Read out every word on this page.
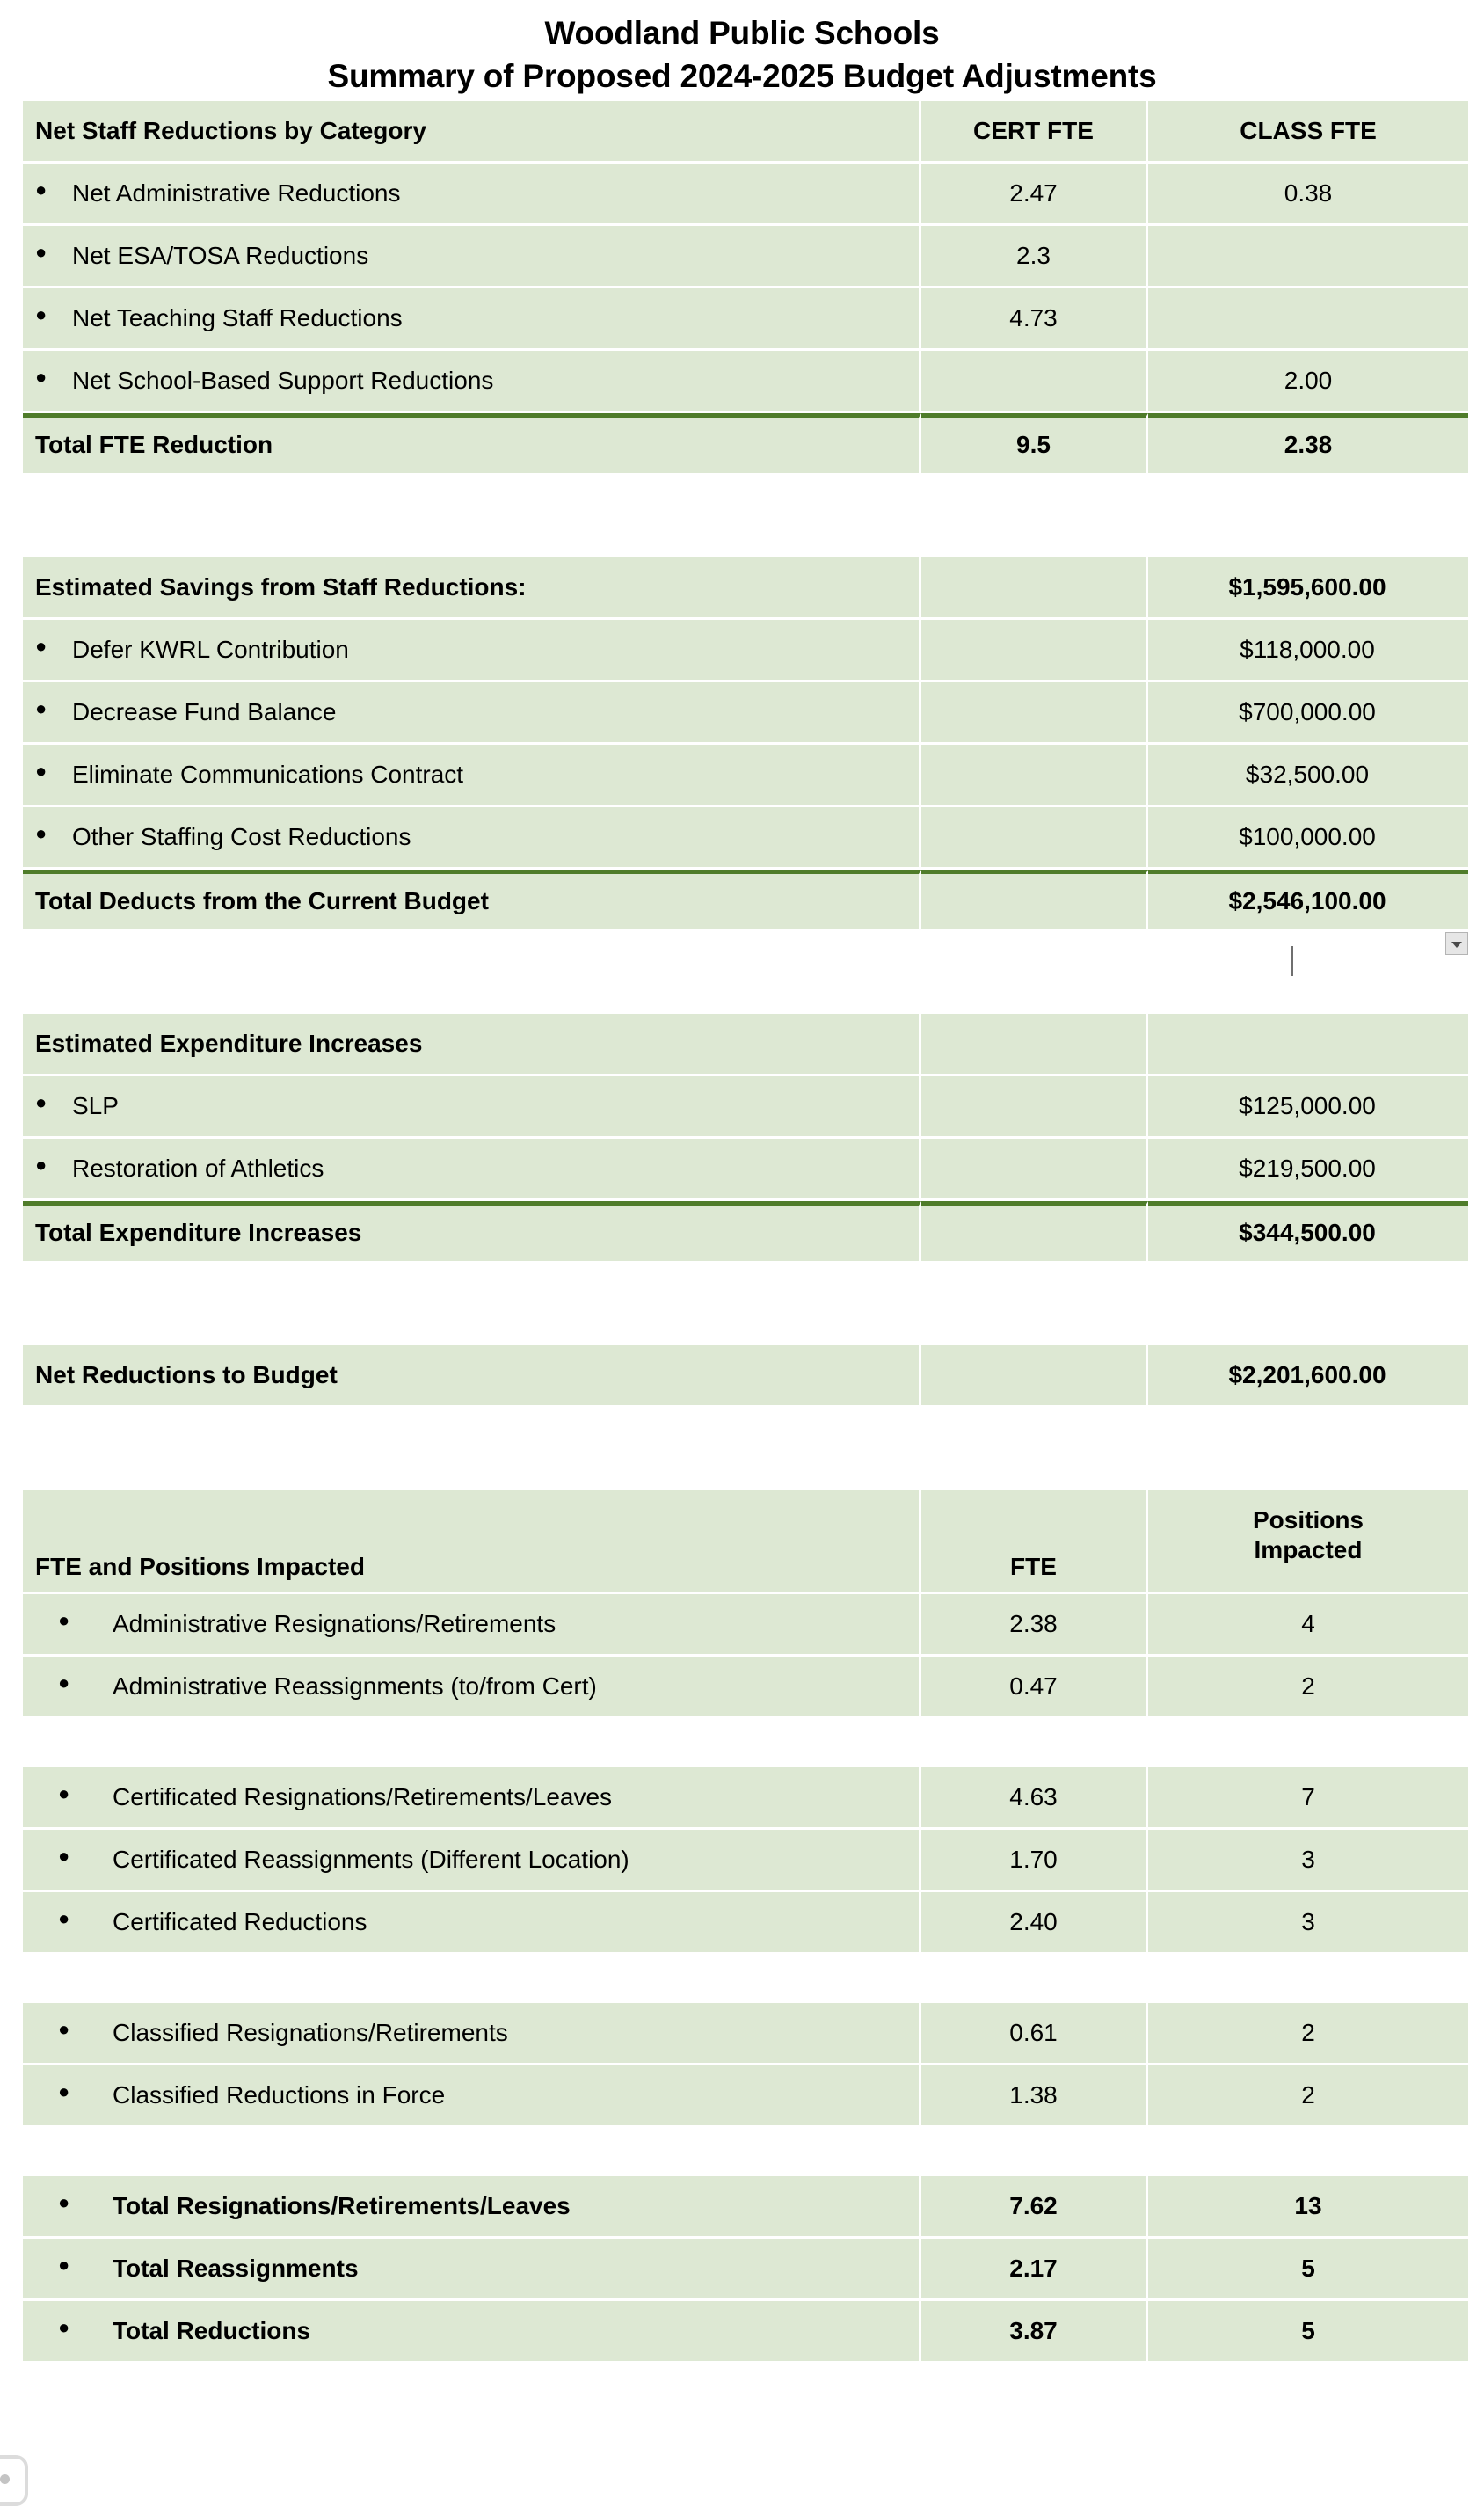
Woodland Public Schools
Summary of Proposed 2024-2025 Budget Adjustments
Net Staff Reductions by Category	CERT FTE	CLASS FTE
● Net Administrative Reductions	2.47	0.38
● Net ESA/TOSA Reductions	2.3	
● Net Teaching Staff Reductions	4.73	
● Net School-Based Support Reductions		2.00
Total FTE Reduction	9.5	2.38
Estimated Savings from Staff Reductions:		$1,595,600.00
● Defer KWRL Contribution		$118,000.00
● Decrease Fund Balance		$700,000.00
● Eliminate Communications Contract		$32,500.00
● Other Staffing Cost Reductions		$100,000.00
Total Deducts from the Current Budget		$2,546,100.00
Estimated Expenditure Increases		
● SLP		$125,000.00
● Restoration of Athletics		$219,500.00
Total Expenditure Increases		$344,500.00
Net Reductions to Budget		$2,201,600.00
FTE and Positions Impacted	FTE	Positions
Impacted
● Administrative Resignations/Retirements	2.38	4
● Administrative Reassignments (to/from Cert)	0.47	2
● Certificated Resignations/Retirements/Leaves	4.63	7
● Certificated Reassignments (Different Location)	1.70	3
● Certificated Reductions	2.40	3
● Classified Resignations/Retirements	0.61	2
● Classified Reductions in Force	1.38	2
● Total Resignations/Retirements/Leaves	7.62	13
● Total Reassignments	2.17	5
● Total Reductions	3.87	5
